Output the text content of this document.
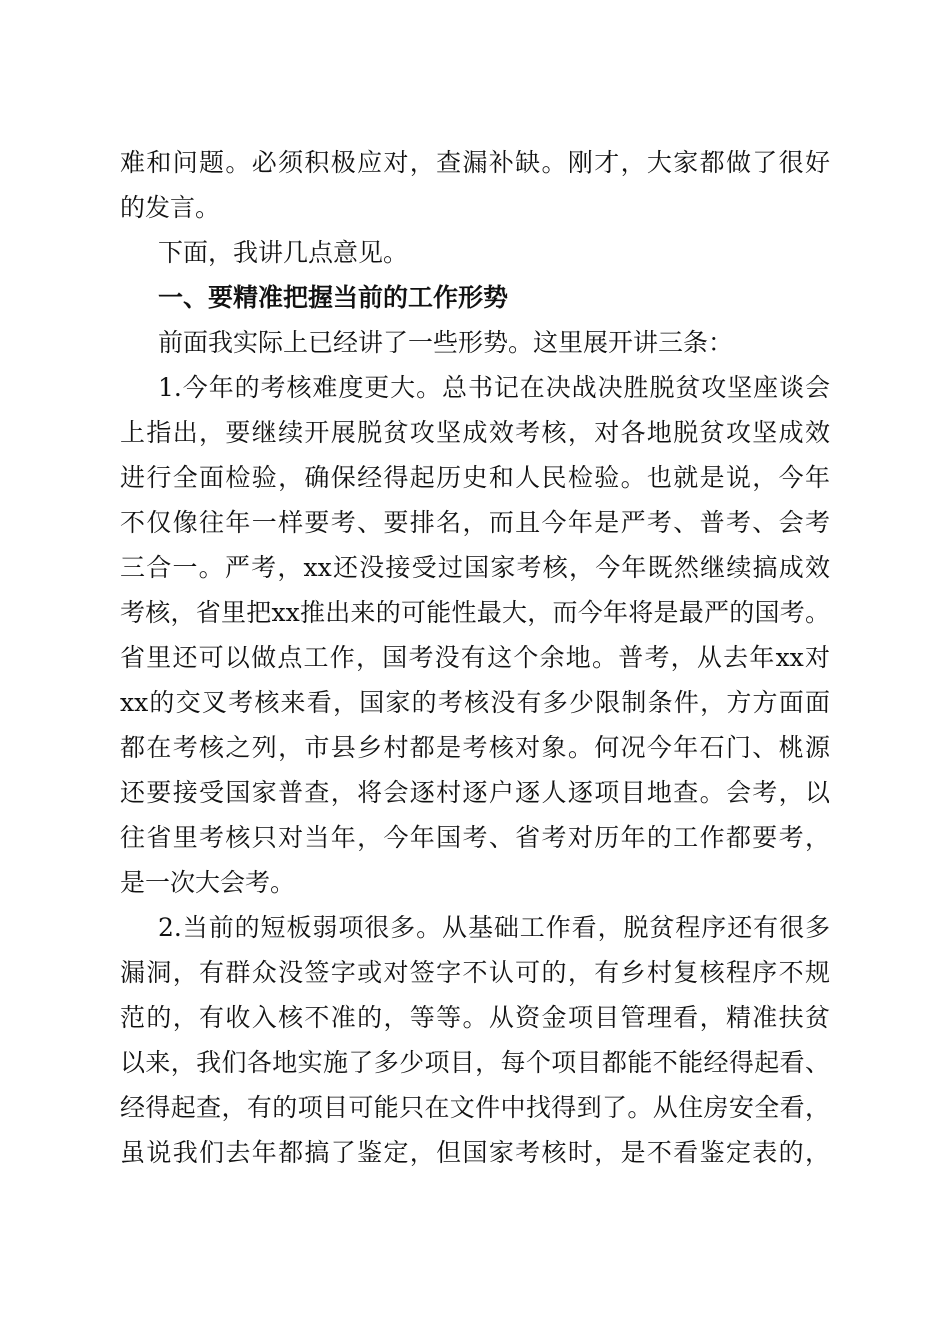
难和问题。必须积极应对，查漏补缺。刚才，大家都做了很好
的发言。
下面，我讲几点意见。
一、要精准把握当前的工作形势
前面我实际上已经讲了一些形势。这里展开讲三条：
1.今年的考核难度更大。总书记在决战决胜脱贫攻坚座谈会
上指出，要继续开展脱贫攻坚成效考核，对各地脱贫攻坚成效
进行全面检验，确保经得起历史和人民检验。也就是说，今年
不仅像往年一样要考、要排名，而且今年是严考、普考、会考
三合一。严考，xx还没接受过国家考核，今年既然继续搞成效
考核，省里把xx推出来的可能性最大，而今年将是最严的国考。
省里还可以做点工作，国考没有这个余地。普考，从去年xx对
xx的交叉考核来看，国家的考核没有多少限制条件，方方面面
都在考核之列，市县乡村都是考核对象。何况今年石门、桃源
还要接受国家普查，将会逐村逐户逐人逐项目地查。会考，以
往省里考核只对当年，今年国考、省考对历年的工作都要考，
是一次大会考。
2.当前的短板弱项很多。从基础工作看，脱贫程序还有很多
漏洞，有群众没签字或对签字不认可的，有乡村复核程序不规
范的，有收入核不准的，等等。从资金项目管理看，精准扶贫
以来，我们各地实施了多少项目，每个项目都能不能经得起看、
经得起查，有的项目可能只在文件中找得到了。从住房安全看，
虽说我们去年都搞了鉴定，但国家考核时，是不看鉴定表的，
